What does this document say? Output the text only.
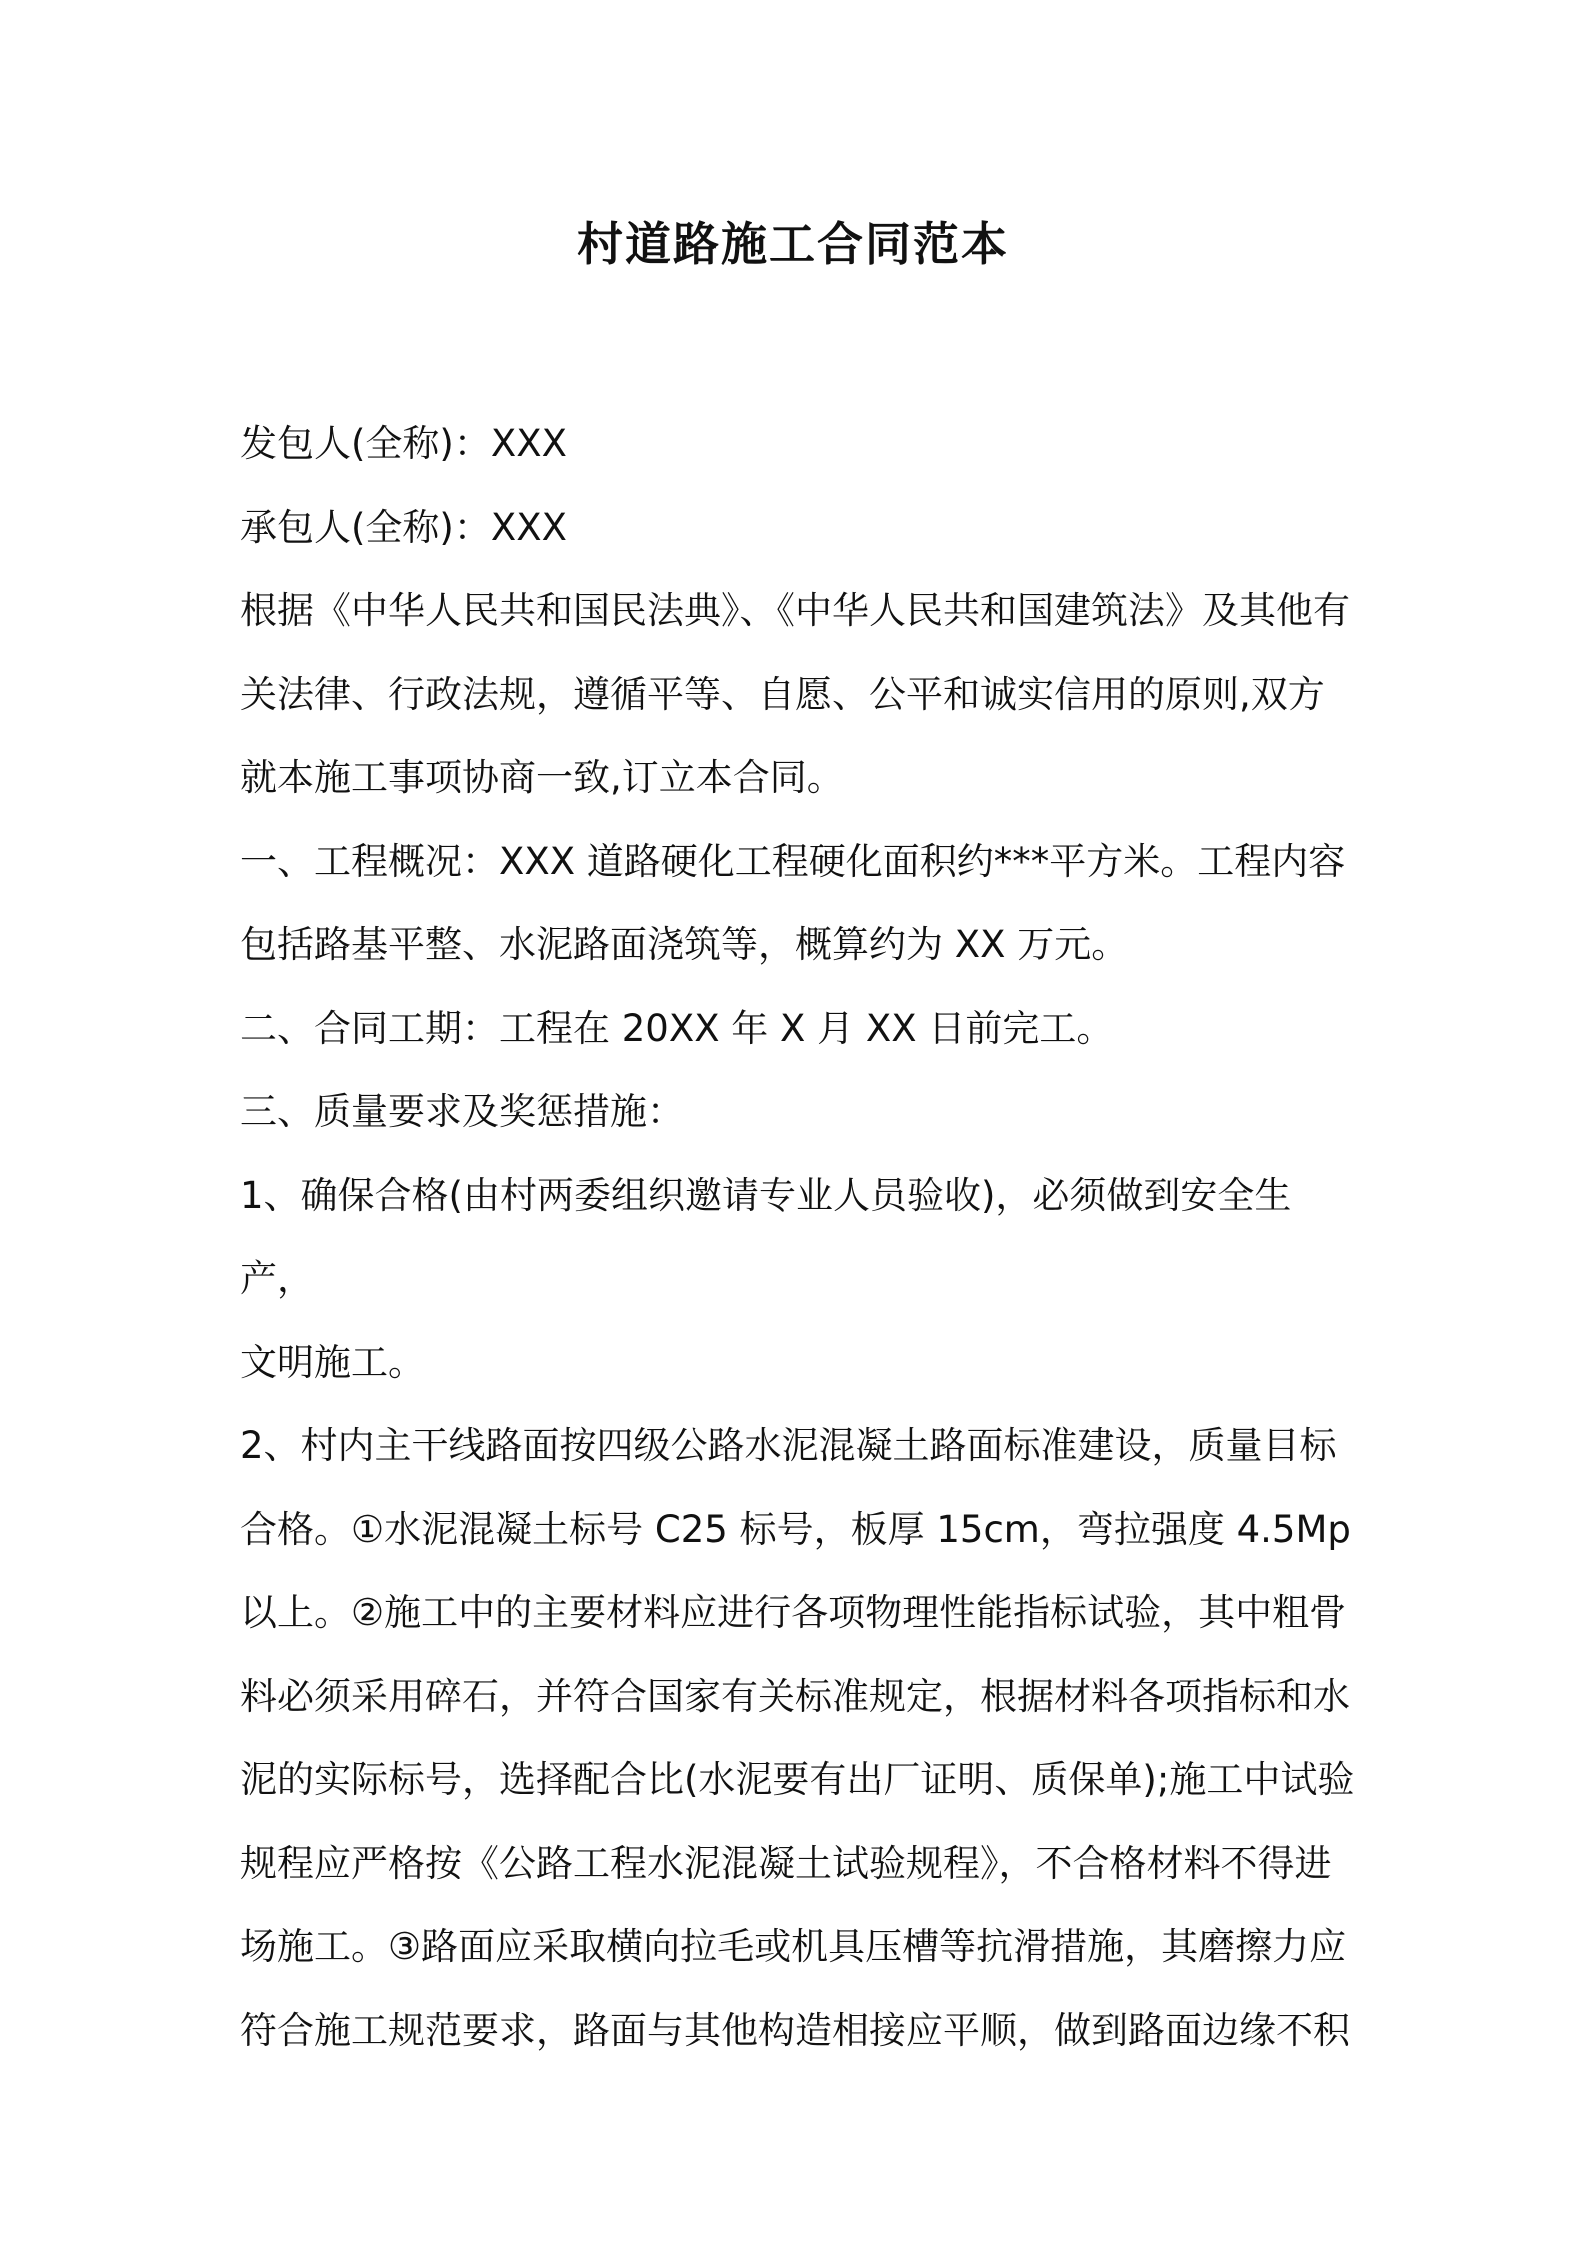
村道路施工合同范本

发包人(全称)：XXX

承包人(全称)：XXX

根据《中华人民共和国民法典》、《中华人民共和国建筑法》及其他有

关法律、行政法规，遵循平等、自愿、公平和诚实信用的原则,双方

就本施工事项协商一致,订立本合同。

一、工程概况：XXX 道路硬化工程硬化面积约***平方米。工程内容

包括路基平整、水泥路面浇筑等，概算约为 XX 万元。

二、合同工期：工程在 20XX 年 X 月 XX 日前完工。

三、质量要求及奖惩措施：

1、确保合格(由村两委组织邀请专业人员验收)，必须做到安全生产，

文明施工。

2、村内主干线路面按四级公路水泥混凝土路面标准建设，质量目标

合格。①水泥混凝土标号 C25 标号，板厚 15cm，弯拉强度 4.5Mp

以上。②施工中的主要材料应进行各项物理性能指标试验，其中粗骨

料必须采用碎石，并符合国家有关标准规定，根据材料各项指标和水

泥的实际标号，选择配合比(水泥要有出厂证明、质保单);施工中试验

规程应严格按《公路工程水泥混凝土试验规程》，不合格材料不得进

场施工。③路面应采取横向拉毛或机具压槽等抗滑措施，其磨擦力应

符合施工规范要求，路面与其他构造相接应平顺，做到路面边缘不积
